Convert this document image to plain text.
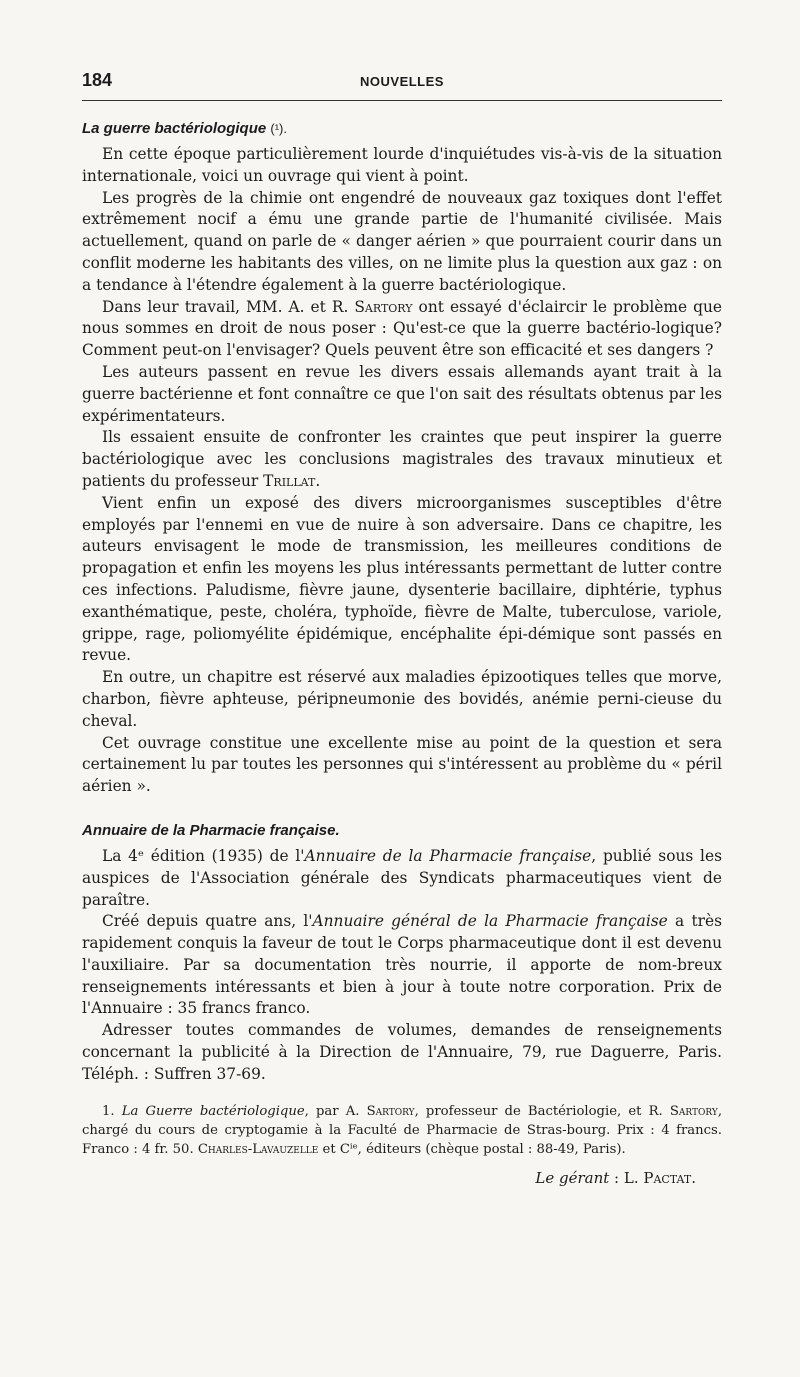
184	NOUVELLES
La guerre bactériologique (¹).

En cette époque particulièrement lourde d'inquiétudes vis-à-vis de la situation internationale, voici un ouvrage qui vient à point.

Les progrès de la chimie ont engendré de nouveaux gaz toxiques dont l'effet extrêmement nocif a ému une grande partie de l'humanité civilisée. Mais actuellement, quand on parle de « danger aérien » que pourraient courir dans un conflit moderne les habitants des villes, on ne limite plus la question aux gaz : on a tendance à l'étendre également à la guerre bactériologique.

Dans leur travail, MM. A. et R. Sartory ont essayé d'éclaircir le problème que nous sommes en droit de nous poser : Qu'est-ce que la guerre bactério-logique? Comment peut-on l'envisager? Quels peuvent être son efficacité et ses dangers ?

Les auteurs passent en revue les divers essais allemands ayant trait à la guerre bactérienne et font connaître ce que l'on sait des résultats obtenus par les expérimentateurs.

Ils essaient ensuite de confronter les craintes que peut inspirer la guerre bactériologique avec les conclusions magistrales des travaux minutieux et patients du professeur Trillat.

Vient enfin un exposé des divers microorganismes susceptibles d'être employés par l'ennemi en vue de nuire à son adversaire. Dans ce chapitre, les auteurs envisagent le mode de transmission, les meilleures conditions de propagation et enfin les moyens les plus intéressants permettant de lutter contre ces infections. Paludisme, fièvre jaune, dysenterie bacillaire, diphtérie, typhus exanthématique, peste, choléra, typhoïde, fièvre de Malte, tuberculose, variole, grippe, rage, poliomyélite épidémique, encéphalite épi-démique sont passés en revue.

En outre, un chapitre est réservé aux maladies épizootiques telles que morve, charbon, fièvre aphteuse, péripneumonie des bovidés, anémie perni-cieuse du cheval.

Cet ouvrage constitue une excellente mise au point de la question et sera certainement lu par toutes les personnes qui s'intéressent au problème du « péril aérien ».

Annuaire de la Pharmacie française.

La 4ᵉ édition (1935) de l'Annuaire de la Pharmacie française, publié sous les auspices de l'Association générale des Syndicats pharmaceutiques vient de paraître.

Créé depuis quatre ans, l'Annuaire général de la Pharmacie française a très rapidement conquis la faveur de tout le Corps pharmaceutique dont il est devenu l'auxiliaire. Par sa documentation très nourrie, il apporte de nom-breux renseignements intéressants et bien à jour à toute notre corporation. Prix de l'Annuaire : 35 francs franco.

Adresser toutes commandes de volumes, demandes de renseignements concernant la publicité à la Direction de l'Annuaire, 79, rue Daguerre, Paris. Téléph. : Suffren 37-69.

1. La Guerre bactériologique, par A. Sartory, professeur de Bactériologie, et R. Sartory, chargé du cours de cryptogamie à la Faculté de Pharmacie de Stras-bourg. Prix : 4 francs. Franco : 4 fr. 50. Charles-Lavauzelle et Cⁱᵉ, éditeurs (chèque postal : 88-49, Paris).

Le gérant : L. Pactat.
